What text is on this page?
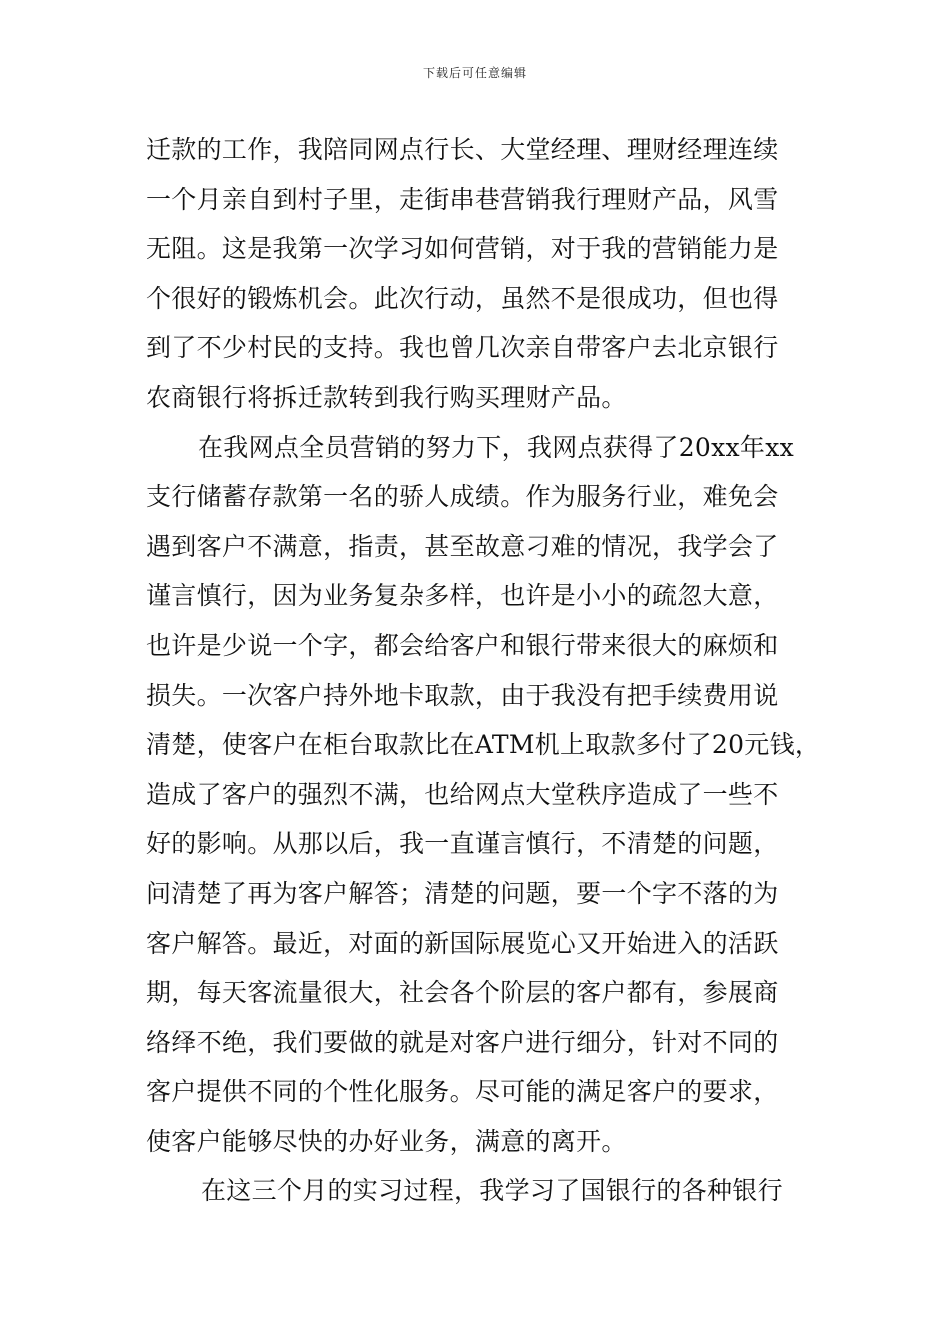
下载后可任意编辑
迁款的工作，我陪同网点行长、大堂经理、理财经理连续
一个月亲自到村子里，走街串巷营销我行理财产品，风雪
无阻。这是我第一次学习如何营销，对于我的营销能力是
个很好的锻炼机会。此次行动，虽然不是很成功，但也得
到了不少村民的支持。我也曾几次亲自带客户去北京银行
农商银行将拆迁款转到我行购买理财产品。
在我网点全员营销的努力下，我网点获得了20xx年xx
支行储蓄存款第一名的骄人成绩。作为服务行业，难免会
遇到客户不满意，指责，甚至故意刁难的情况，我学会了
谨言慎行，因为业务复杂多样，也许是小小的疏忽大意，
也许是少说一个字，都会给客户和银行带来很大的麻烦和
损失。一次客户持外地卡取款，由于我没有把手续费用说
清楚，使客户在柜台取款比在ATM机上取款多付了20元钱，
造成了客户的强烈不满，也给网点大堂秩序造成了一些不
好的影响。从那以后，我一直谨言慎行，不清楚的问题，
问清楚了再为客户解答；清楚的问题，要一个字不落的为
客户解答。最近，对面的新国际展览心又开始进入的活跃
期，每天客流量很大，社会各个阶层的客户都有，参展商
络绎不绝，我们要做的就是对客户进行细分，针对不同的
客户提供不同的个性化服务。尽可能的满足客户的要求，
使客户能够尽快的办好业务，满意的离开。
在这三个月的实习过程，我学习了国银行的各种银行
